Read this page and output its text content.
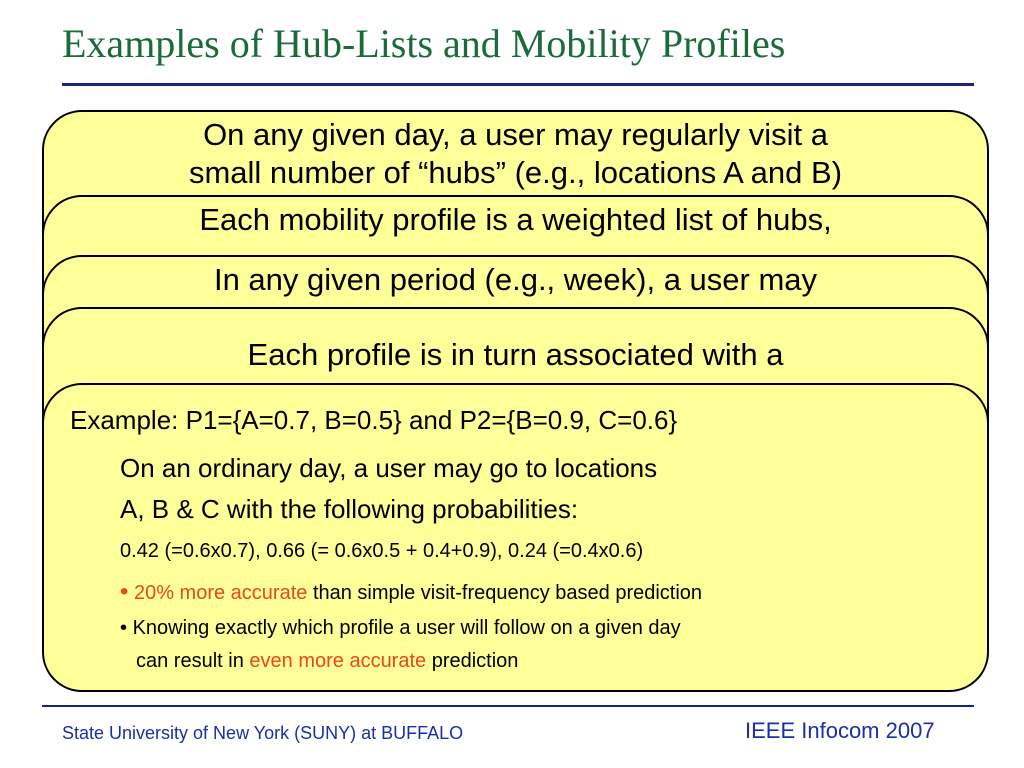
Examples of Hub-Lists and Mobility Profiles
On any given day, a user may regularly visit a
small number of “hubs” (e.g., locations A and B)
Each mobility profile is a weighted list of hubs,
In any given period (e.g., week), a user may
Each profile is in turn associated with a
Example: P1={A=0.7, B=0.5} and P2={B=0.9, C=0.6}
On an ordinary day, a user may go to locations
A, B & C with the following probabilities:
0.42 (=0.6x0.7), 0.66 (= 0.6x0.5 + 0.4+0.9), 0.24 (=0.4x0.6)
• 20% more accurate than simple visit-frequency based prediction
• Knowing exactly which profile a user will follow on a given day
can result in even more accurate prediction
State University of New York (SUNY) at BUFFALO	IEEE Infocom 2007
